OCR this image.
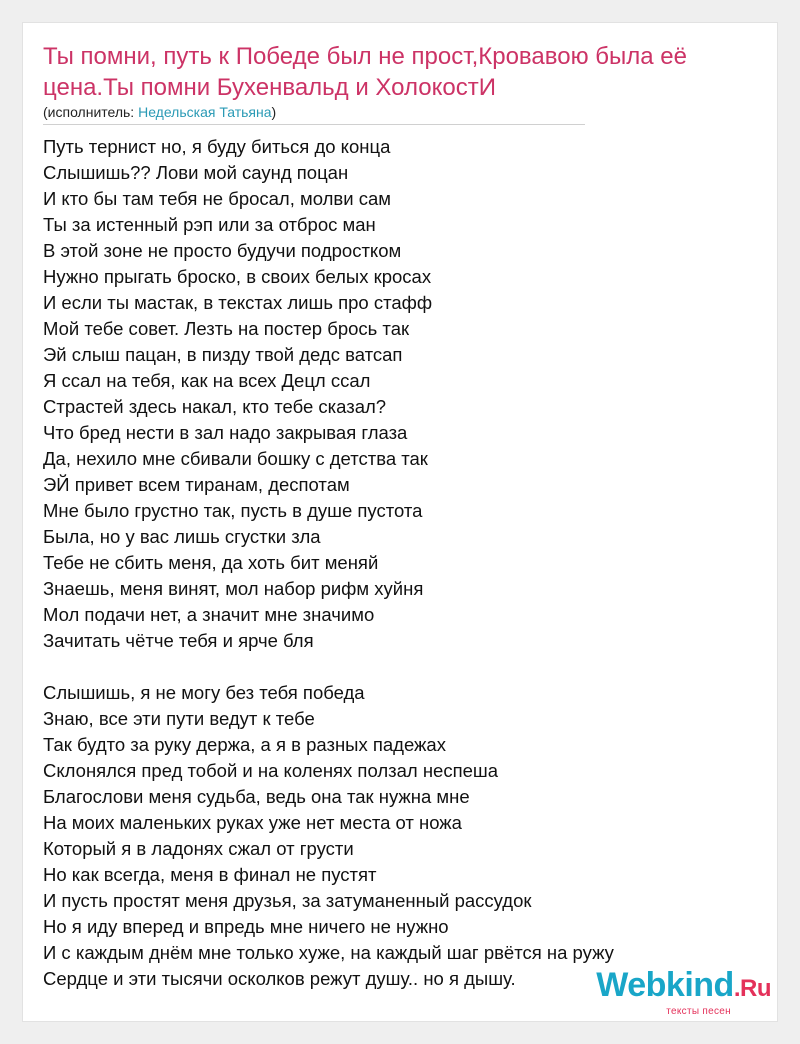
Ты помни, путь к Победе был не прост,Кровавою была её цена.Ты помни Бухенвальд и ХолокостИ
(исполнитель: Недельская Татьяна)
Путь тернист но, я буду биться до конца
Слышишь?? Лови мой саунд поцан
И кто бы там тебя не бросал, молви сам
Ты за истенный рэп или за отброс ман
В этой зоне не просто будучи подростком
Нужно прыгать броско, в своих белых кросах
И если ты мастак, в текстах лишь про стафф
Мой тебе совет. Лезть на постер брось так
Эй слыш пацан, в пизду твой дедс ватсап
Я ссал на тебя, как на всех Децл ссал
Страстей здесь накал, кто тебе сказал?
Что бред нести в зал надо закрывая глаза
Да, нехило мне сбивали бошку с детства так
ЭЙ привет всем тиранам, деспотам
Мне было грустно так, пусть в душе пустота
Была, но у вас лишь сгустки зла
Тебе не сбить меня, да хоть бит меняй
Знаешь, меня винят, мол набор рифм хуйня
Мол подачи нет, а значит мне значимо
Зачитать чётче тебя и ярче бля
Слышишь, я не могу без тебя победа
Знаю, все эти пути ведут к тебе
Так будто за руку держа, а я в разных падежах
Склонялся пред тобой и на коленях ползал неспеша
Благослови меня судьба, ведь она так нужна мне
На моих маленьких руках уже нет места от ножа
Который я в ладонях сжал от грусти
Но как всегда, меня в финал не пустят
И пусть простят меня друзья, за затуманенный рассудок
Но я иду вперед и впредь мне ничего не нужно
И с каждым днём мне только хуже, на каждый шаг рвётся на ружу
Сердце и эти тысячи осколков режут душу.. но я дышу.	Webkind.Ru
тексты песен
